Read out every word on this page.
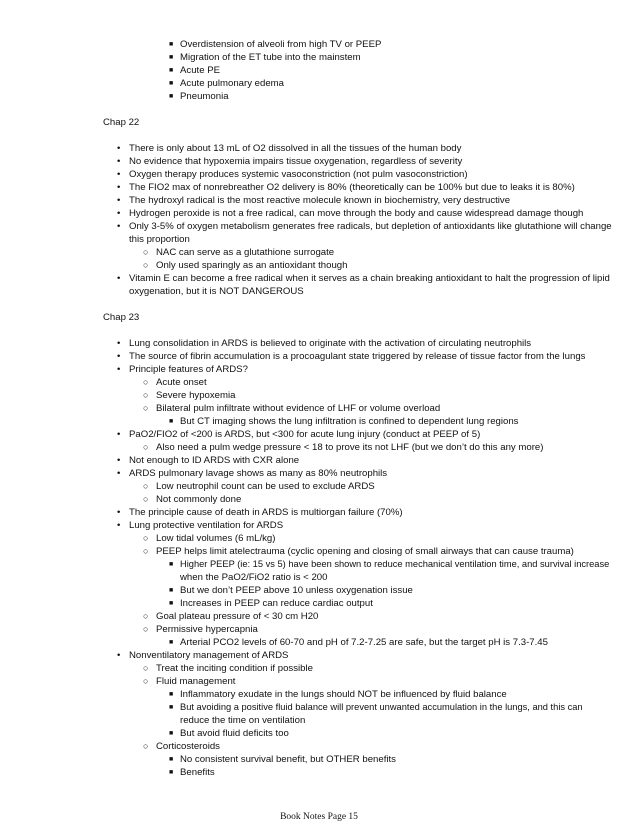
■ Overdistension of alveoli from high TV or PEEP
■ Migration of the ET tube into the mainstem
■ Acute PE
■ Acute pulmonary edema
■ Pneumonia
Chap 22
• There is only about 13 mL of O2 dissolved in all the tissues of the human body
• No evidence that hypoxemia impairs tissue oxygenation, regardless of severity
• Oxygen therapy produces systemic vasoconstriction (not pulm vasoconstriction)
• The FIO2 max of nonrebreather O2 delivery is 80% (theoretically can be 100% but due to leaks it is 80%)
• The hydroxyl radical is the most reactive molecule known in biochemistry, very destructive
• Hydrogen peroxide is not a free radical, can move through the body and cause widespread damage though
• Only 3-5% of oxygen metabolism generates free radicals, but depletion of antioxidants like glutathione will change
this proportion
○ NAC can serve as a glutathione surrogate
○ Only used sparingly as an antioxidant though
• Vitamin E can become a free radical when it serves as a chain breaking antioxidant to halt the progression of lipid
oxygenation, but it is NOT DANGEROUS
Chap 23
• Lung consolidation in ARDS is believed to originate with the activation of circulating neutrophils
• The source of fibrin accumulation is a procoagulant state triggered by release of tissue factor from the lungs
• Principle features of ARDS?
○ Acute onset
○ Severe hypoxemia
○ Bilateral pulm infiltrate without evidence of LHF or volume overload
■ But CT imaging shows the lung infiltration is confined to dependent lung regions
• PaO2/FIO2 of <200 is ARDS, but <300 for acute lung injury (conduct at PEEP of 5)
○ Also need a pulm wedge pressure < 18 to prove its not LHF (but we don’t do this any more)
• Not enough to ID ARDS with CXR alone
• ARDS pulmonary lavage shows as many as 80% neutrophils
○ Low neutrophil count can be used to exclude ARDS
○ Not commonly done
• The principle cause of death in ARDS is multiorgan failure (70%)
• Lung protective ventilation for ARDS
○ Low tidal volumes (6 mL/kg)
○ PEEP helps limit atelectrauma (cyclic opening and closing of small airways that can cause trauma)
■ Higher PEEP (ie: 15 vs 5) have been shown to reduce mechanical ventilation time, and survival increase
when the PaO2/FiO2 ratio is < 200
■ But we don’t PEEP above 10 unless oxygenation issue
■ Increases in PEEP can reduce cardiac output
○ Goal plateau pressure of < 30 cm H20
○ Permissive hypercapnia
■ Arterial PCO2 levels of 60-70 and pH of 7.2-7.25 are safe, but the target pH is 7.3-7.45
• Nonventilatory management of ARDS
○ Treat the inciting condition if possible
○ Fluid management
■ Inflammatory exudate in the lungs should NOT be influenced by fluid balance
■ But avoiding a positive fluid balance will prevent unwanted accumulation in the lungs, and this can
reduce the time on ventilation
■ But avoid fluid deficits too
○ Corticosteroids
■ No consistent survival benefit, but OTHER benefits
■ Benefits
Book Notes Page 15
